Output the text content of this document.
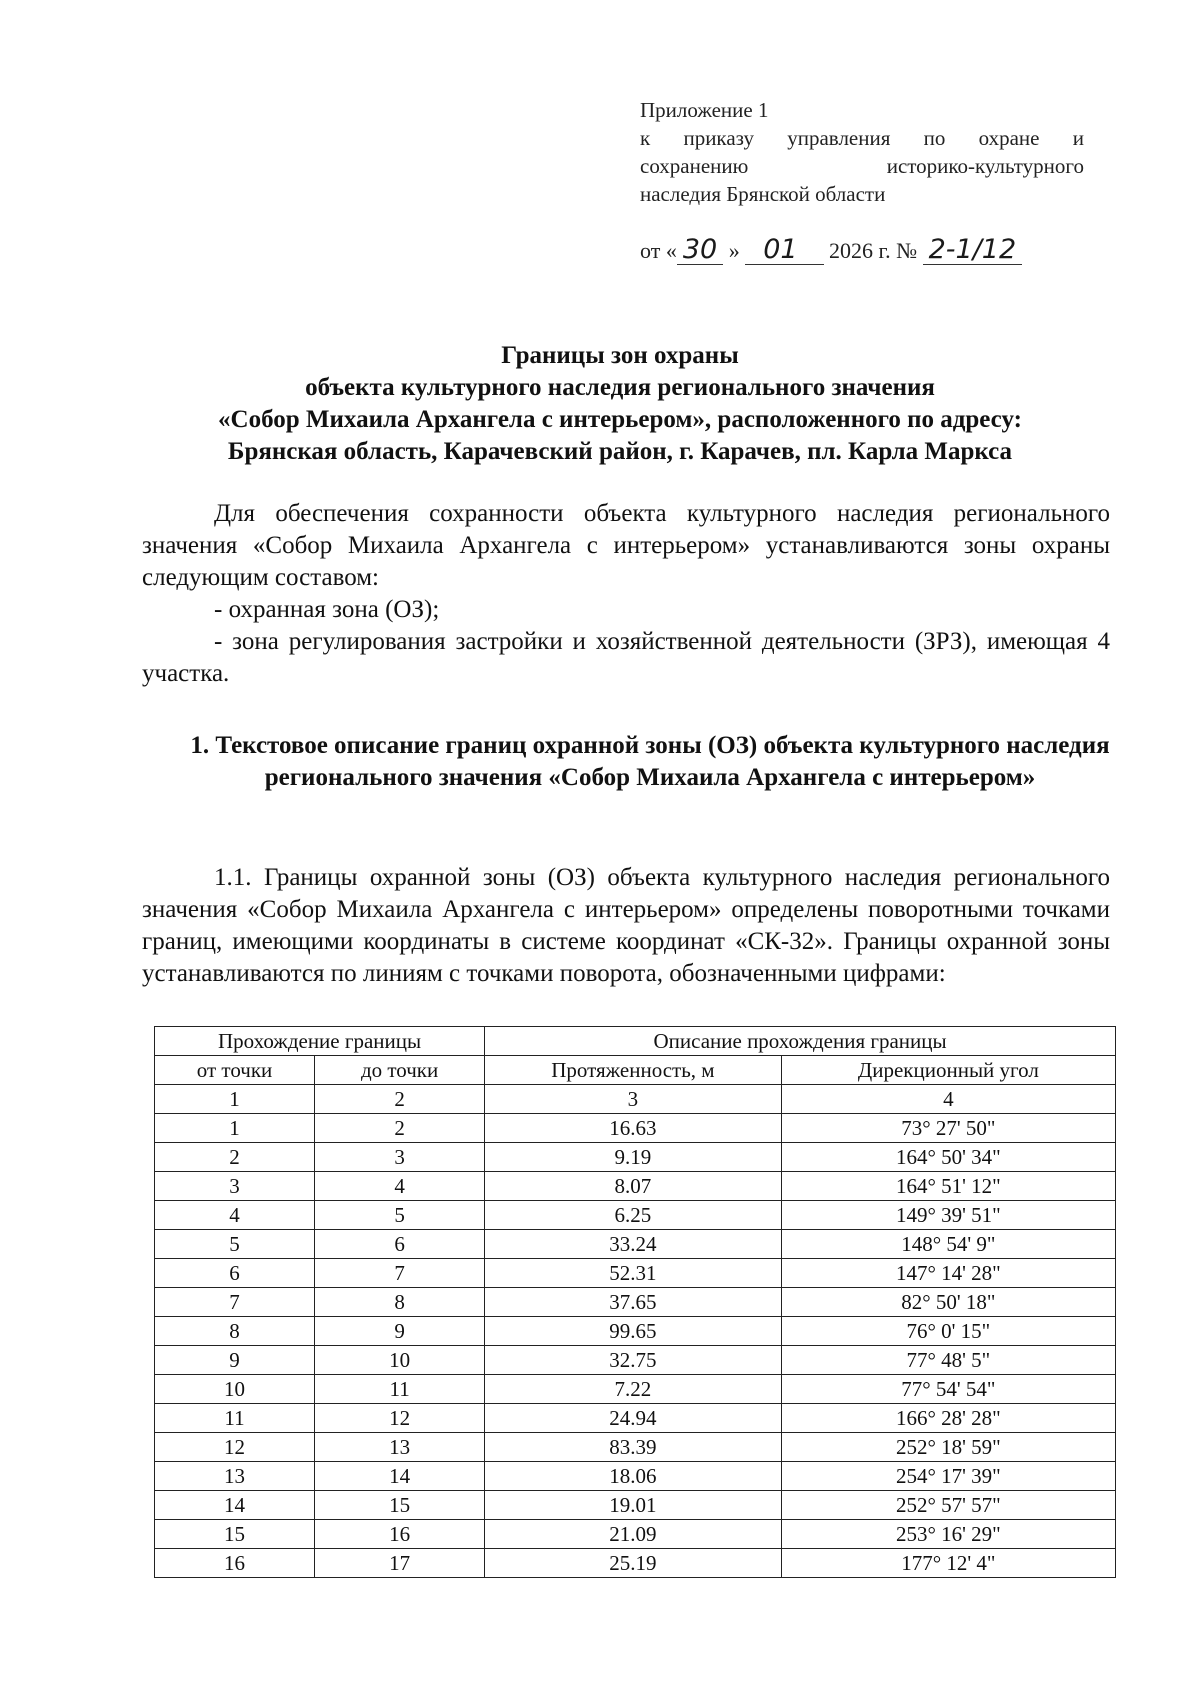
Приложение 1
к приказу управления по охране и
сохранению историко-культурного
наследия Брянской области
от « 30 » 01 2026 г. № 2-1/12
Границы зон охраны
объекта культурного наследия регионального значения
«Собор Михаила Архангела с интерьером», расположенного по адресу:
Брянская область, Карачевский район, г. Карачев, пл. Карла Маркса

Для обеспечения сохранности объекта культурного наследия регионального значения «Собор Михаила Архангела с интерьером» устанавливаются зоны охраны следующим составом:

- охранная зона (ОЗ);

- зона регулирования застройки и хозяйственной деятельности (ЗРЗ), имеющая 4 участка.

1. Текстовое описание границ охранной зоны (ОЗ) объекта культурного наследия регионального значения «Собор Михаила Архангела с интерьером»

1.1. Границы охранной зоны (ОЗ) объекта культурного наследия регионального значения «Собор Михаила Архангела с интерьером» определены поворотными точками границ, имеющими координаты в системе координат «СК-32». Границы охранной зоны устанавливаются по линиям с точками поворота, обозначенными цифрами:

Прохождение границы		Описание прохождения границы	
от точки	до точки	Протяженность, м	Дирекционный угол
1	2	3	4
1	2	16.63	73° 27' 50"
2	3	9.19	164° 50' 34"
3	4	8.07	164° 51' 12"
4	5	6.25	149° 39' 51"
5	6	33.24	148° 54' 9"
6	7	52.31	147° 14' 28"
7	8	37.65	82° 50' 18"
8	9	99.65	76° 0' 15"
9	10	32.75	77° 48' 5"
10	11	7.22	77° 54' 54"
11	12	24.94	166° 28' 28"
12	13	83.39	252° 18' 59"
13	14	18.06	254° 17' 39"
14	15	19.01	252° 57' 57"
15	16	21.09	253° 16' 29"
16	17	25.19	177° 12' 4"
